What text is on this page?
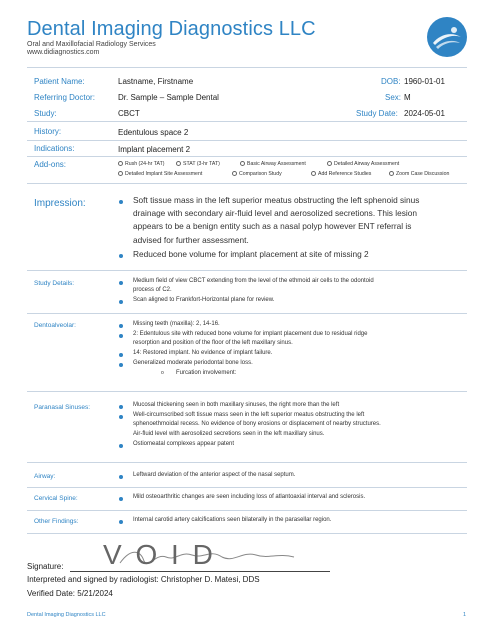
Dental Imaging Diagnostics LLC
Oral and Maxillofacial Radiology Services
www.didiagnostics.com
Patient Name:	Lastname, Firstname	DOB: 1960-01-01
Referring Doctor:	Dr. Sample – Sample Dental	Sex: M
Study:	CBCT	Study Date: 2024-05-01
History:	Edentulous space 2
Indications:	Implant placement 2
Add-ons:	Rush (24-hr TAT)	STAT (3-hr TAT)	Basic Airway Assessment	Detailed Airway Assessment
Detailed Implant Site Assessment	Comparison Study	Add Reference Studies	Zoom Case Discussion
Impression:	Soft tissue mass in the left superior meatus obstructing the left sphenoid sinus
drainage with secondary air-fluid level and aerosolized secretions. This lesion
appears to be a benign entity such as a nasal polyp however ENT referral is
advised for further assessment.
Reduced bone volume for implant placement at site of missing 2
Study Details:	Medium field of view CBCT extending from the level of the ethmoid air cells to the odontoid
process of C2.
Scan aligned to Frankfort-Horizontal plane for review.
Dentoalveolar:	Missing teeth (maxilla): 2, 14-16.
2: Edentulous site with reduced bone volume for implant placement due to residual ridge
resorption and position of the floor of the left maxillary sinus.
14: Restored implant. No evidence of implant failure.
Generalized moderate periodontal bone loss.
o Furcation involvement:
Paranasal Sinuses:	Mucosal thickening seen in both maxillary sinuses, the right more than the left
Well-circumscribed soft tissue mass seen in the left superior meatus obstructing the left
sphenoethmoidal recess. No evidence of bony erosions or displacement of nearby structures.
Air-fluid level with aerosolized secretions seen in the left maxillary sinus.
Ostiomeatal complexes appear patent
Airway:	Leftward deviation of the anterior aspect of the nasal septum.
Cervical Spine:	Mild osteoarthritic changes are seen including loss of atlantoaxial interval and sclerosis.
Other Findings:	Internal carotid artery calcifications seen bilaterally in the parasellar region.
Signature: V O I D
Interpreted and signed by radiologist: Christopher D. Matesi, DDS
Verified Date: 5/21/2024
Dental Imaging Diagnostics LLC	1
